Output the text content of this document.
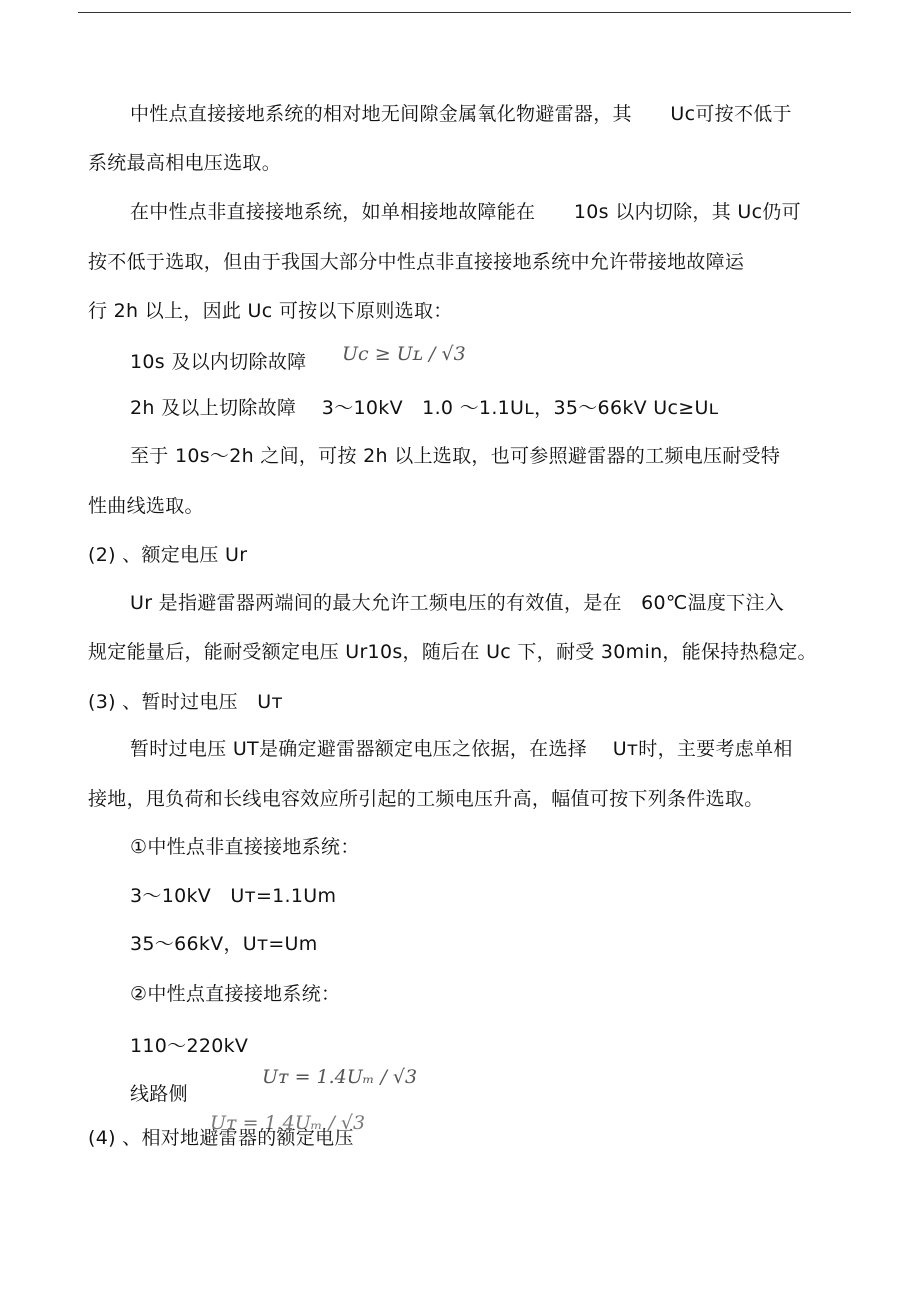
中性点直接接地系统的相对地无间隙金属氧化物避雷器，其　　Uc可按不低于
系统最高相电压选取。
在中性点非直接接地系统，如单相接地故障能在　　10s 以内切除，其 Uc仍可
按不低于选取，但由于我国大部分中性点非直接接地系统中允许带接地故障运
行 2h 以上，因此 Uc 可按以下原则选取：
10s 及以内切除故障 Uc ≥ Uʟ / √3
2h 及以上切除故障　 3～10kV　1.0 ～1.1Uʟ，35～66kV Uc≥Uʟ
至于 10s～2h 之间，可按 2h 以上选取，也可参照避雷器的工频电压耐受特
性曲线选取。
(2) 、额定电压 Ur
Ur 是指避雷器两端间的最大允许工频电压的有效值，是在　60℃温度下注入
规定能量后，能耐受额定电压 Ur10s，随后在 Uc 下，耐受 30min，能保持热稳定。
(3) 、暂时过电压　Uᴛ
暂时过电压 UT是确定避雷器额定电压之依据，在选择　 Uᴛ时，主要考虑单相
接地，甩负荷和长线电容效应所引起的工频电压升高，幅值可按下列条件选取。
①中性点非直接接地系统：
3～10kV　Uᴛ=1.1Um
35～66kV，Uᴛ=Um
②中性点直接接地系统：
110～220kV
Uᴛ = 1.4Uₘ / √3
线路侧
Uᴛ = 1.4Uₘ / √3
(4) 、相对地避雷器的额定电压
